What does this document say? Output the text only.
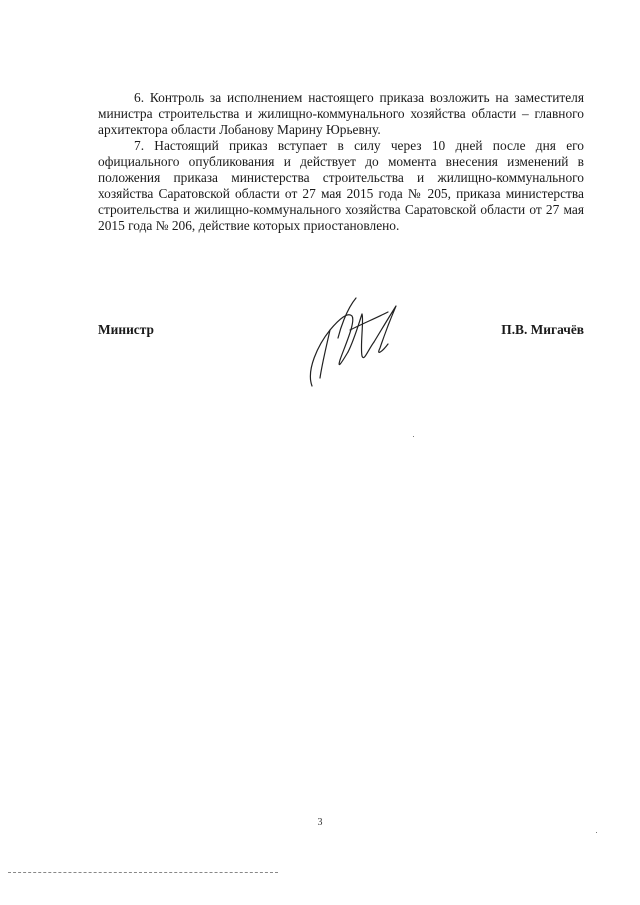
6. Контроль за исполнением настоящего приказа возложить на заместителя министра строительства и жилищно-коммунального хозяйства области – главного архитектора области Лобанову Марину Юрьевну.

7. Настоящий приказ вступает в силу через 10 дней после дня его официального опубликования и действует до момента внесения изменений в положения приказа министерства строительства и жилищно-коммунального хозяйства Саратовской области от 27 мая 2015 года № 205, приказа министерства строительства и жилищно-коммунального хозяйства Саратовской области от 27 мая 2015 года № 206, действие которых приостановлено.

Министр	П.В. Мигачёв
3
